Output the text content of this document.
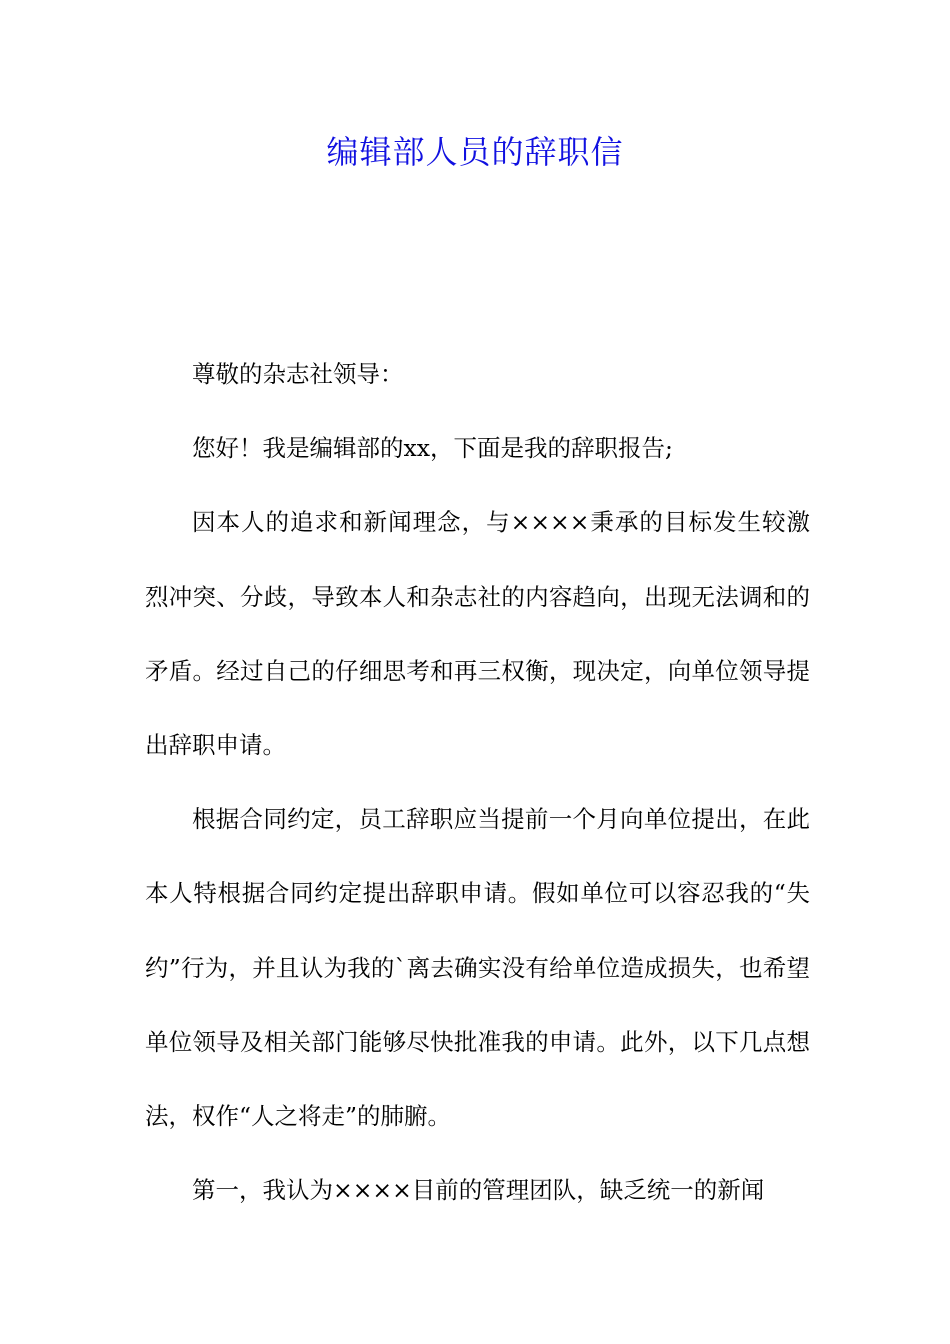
编辑部人员的辞职信

尊敬的杂志社领导：

您好！我是编辑部的xx，下面是我的辞职报告;

因本人的追求和新闻理念，与××××秉承的目标发生较激烈冲突、分歧，导致本人和杂志社的内容趋向，出现无法调和的矛盾。经过自己的仔细思考和再三权衡，现决定，向单位领导提出辞职申请。

根据合同约定，员工辞职应当提前一个月向单位提出，在此本人特根据合同约定提出辞职申请。假如单位可以容忍我的“失约”行为，并且认为我的`离去确实没有给单位造成损失，也希望单位领导及相关部门能够尽快批准我的申请。此外，以下几点想法，权作“人之将走”的肺腑。

第一，我认为××××目前的管理团队，缺乏统一的新闻
